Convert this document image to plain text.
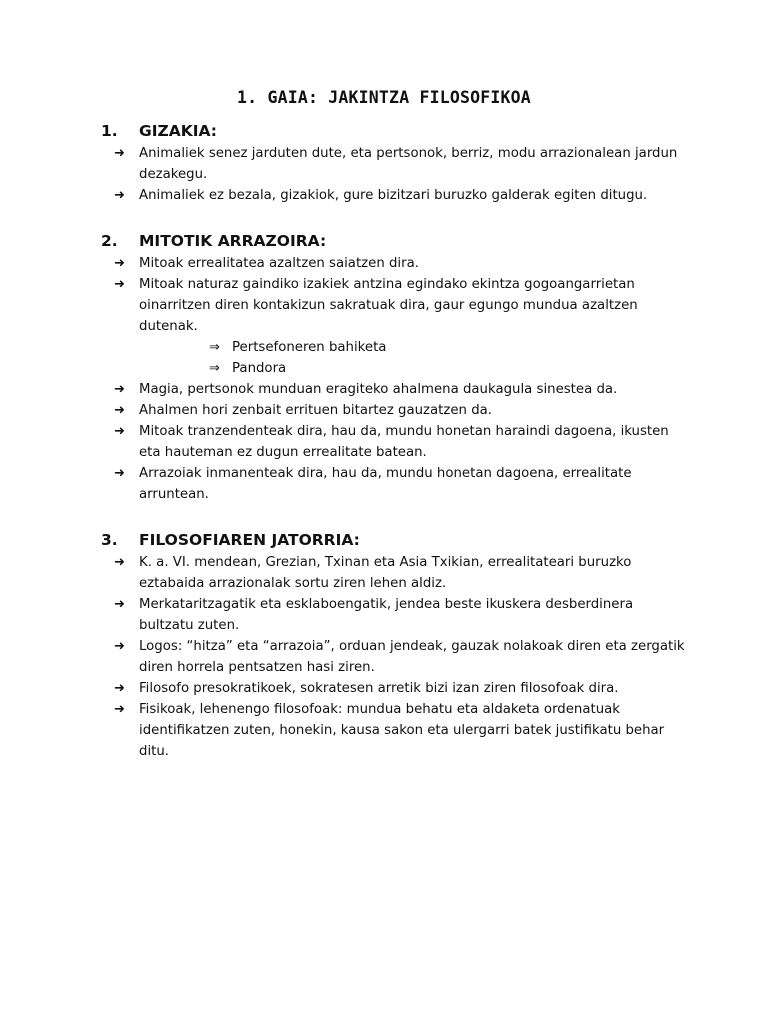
1. GAIA: JAKINTZA FILOSOFIKOA
1. GIZAKIA:
➜ Animaliek senez jarduten dute, eta pertsonok, berriz, modu arrazionalean jardun dezakegu.
➜ Animaliek ez bezala, gizakiok, gure bizitzari buruzko galderak egiten ditugu.
2. MITOTIK ARRAZOIRA:
➜ Mitoak errealitatea azaltzen saiatzen dira.
➜ Mitoak naturaz gaindiko izakiek antzina egindako ekintza gogoangarrietan oinarritzen diren kontakizun sakratuak dira, gaur egungo mundua azaltzen dutenak.
⇒ Pertsefoneren bahiketa
⇒ Pandora
➜ Magia, pertsonok munduan eragiteko ahalmena daukagula sinestea da.
➜ Ahalmen hori zenbait errituen bitartez gauzatzen da.
➜ Mitoak tranzendenteak dira, hau da, mundu honetan haraindi dagoena, ikusten eta hauteman ez dugun errealitate batean.
➜ Arrazoiak inmanenteak dira, hau da, mundu honetan dagoena, errealitate arruntean.
3. FILOSOFIAREN JATORRIA:
➜ K. a. VI. mendean, Grezian, Txinan eta Asia Txikian, errealitateari buruzko eztabaida arrazionalak sortu ziren lehen aldiz.
➜ Merkataritzagatik eta esklaboengatik, jendea beste ikuskera desberdinera bultzatu zuten.
➜ Logos: “hitza” eta “arrazoia”, orduan jendeak, gauzak nolakoak diren eta zergatik diren horrela pentsatzen hasi ziren.
➜ Filosofo presokratikoek, sokratesen arretik bizi izan ziren filosofoak dira.
➜ Fisikoak, lehenengo filosofoak: mundua behatu eta aldaketa ordenatuak identifikatzen zuten, honekin, kausa sakon eta ulergarri batek justifikatu behar ditu.
